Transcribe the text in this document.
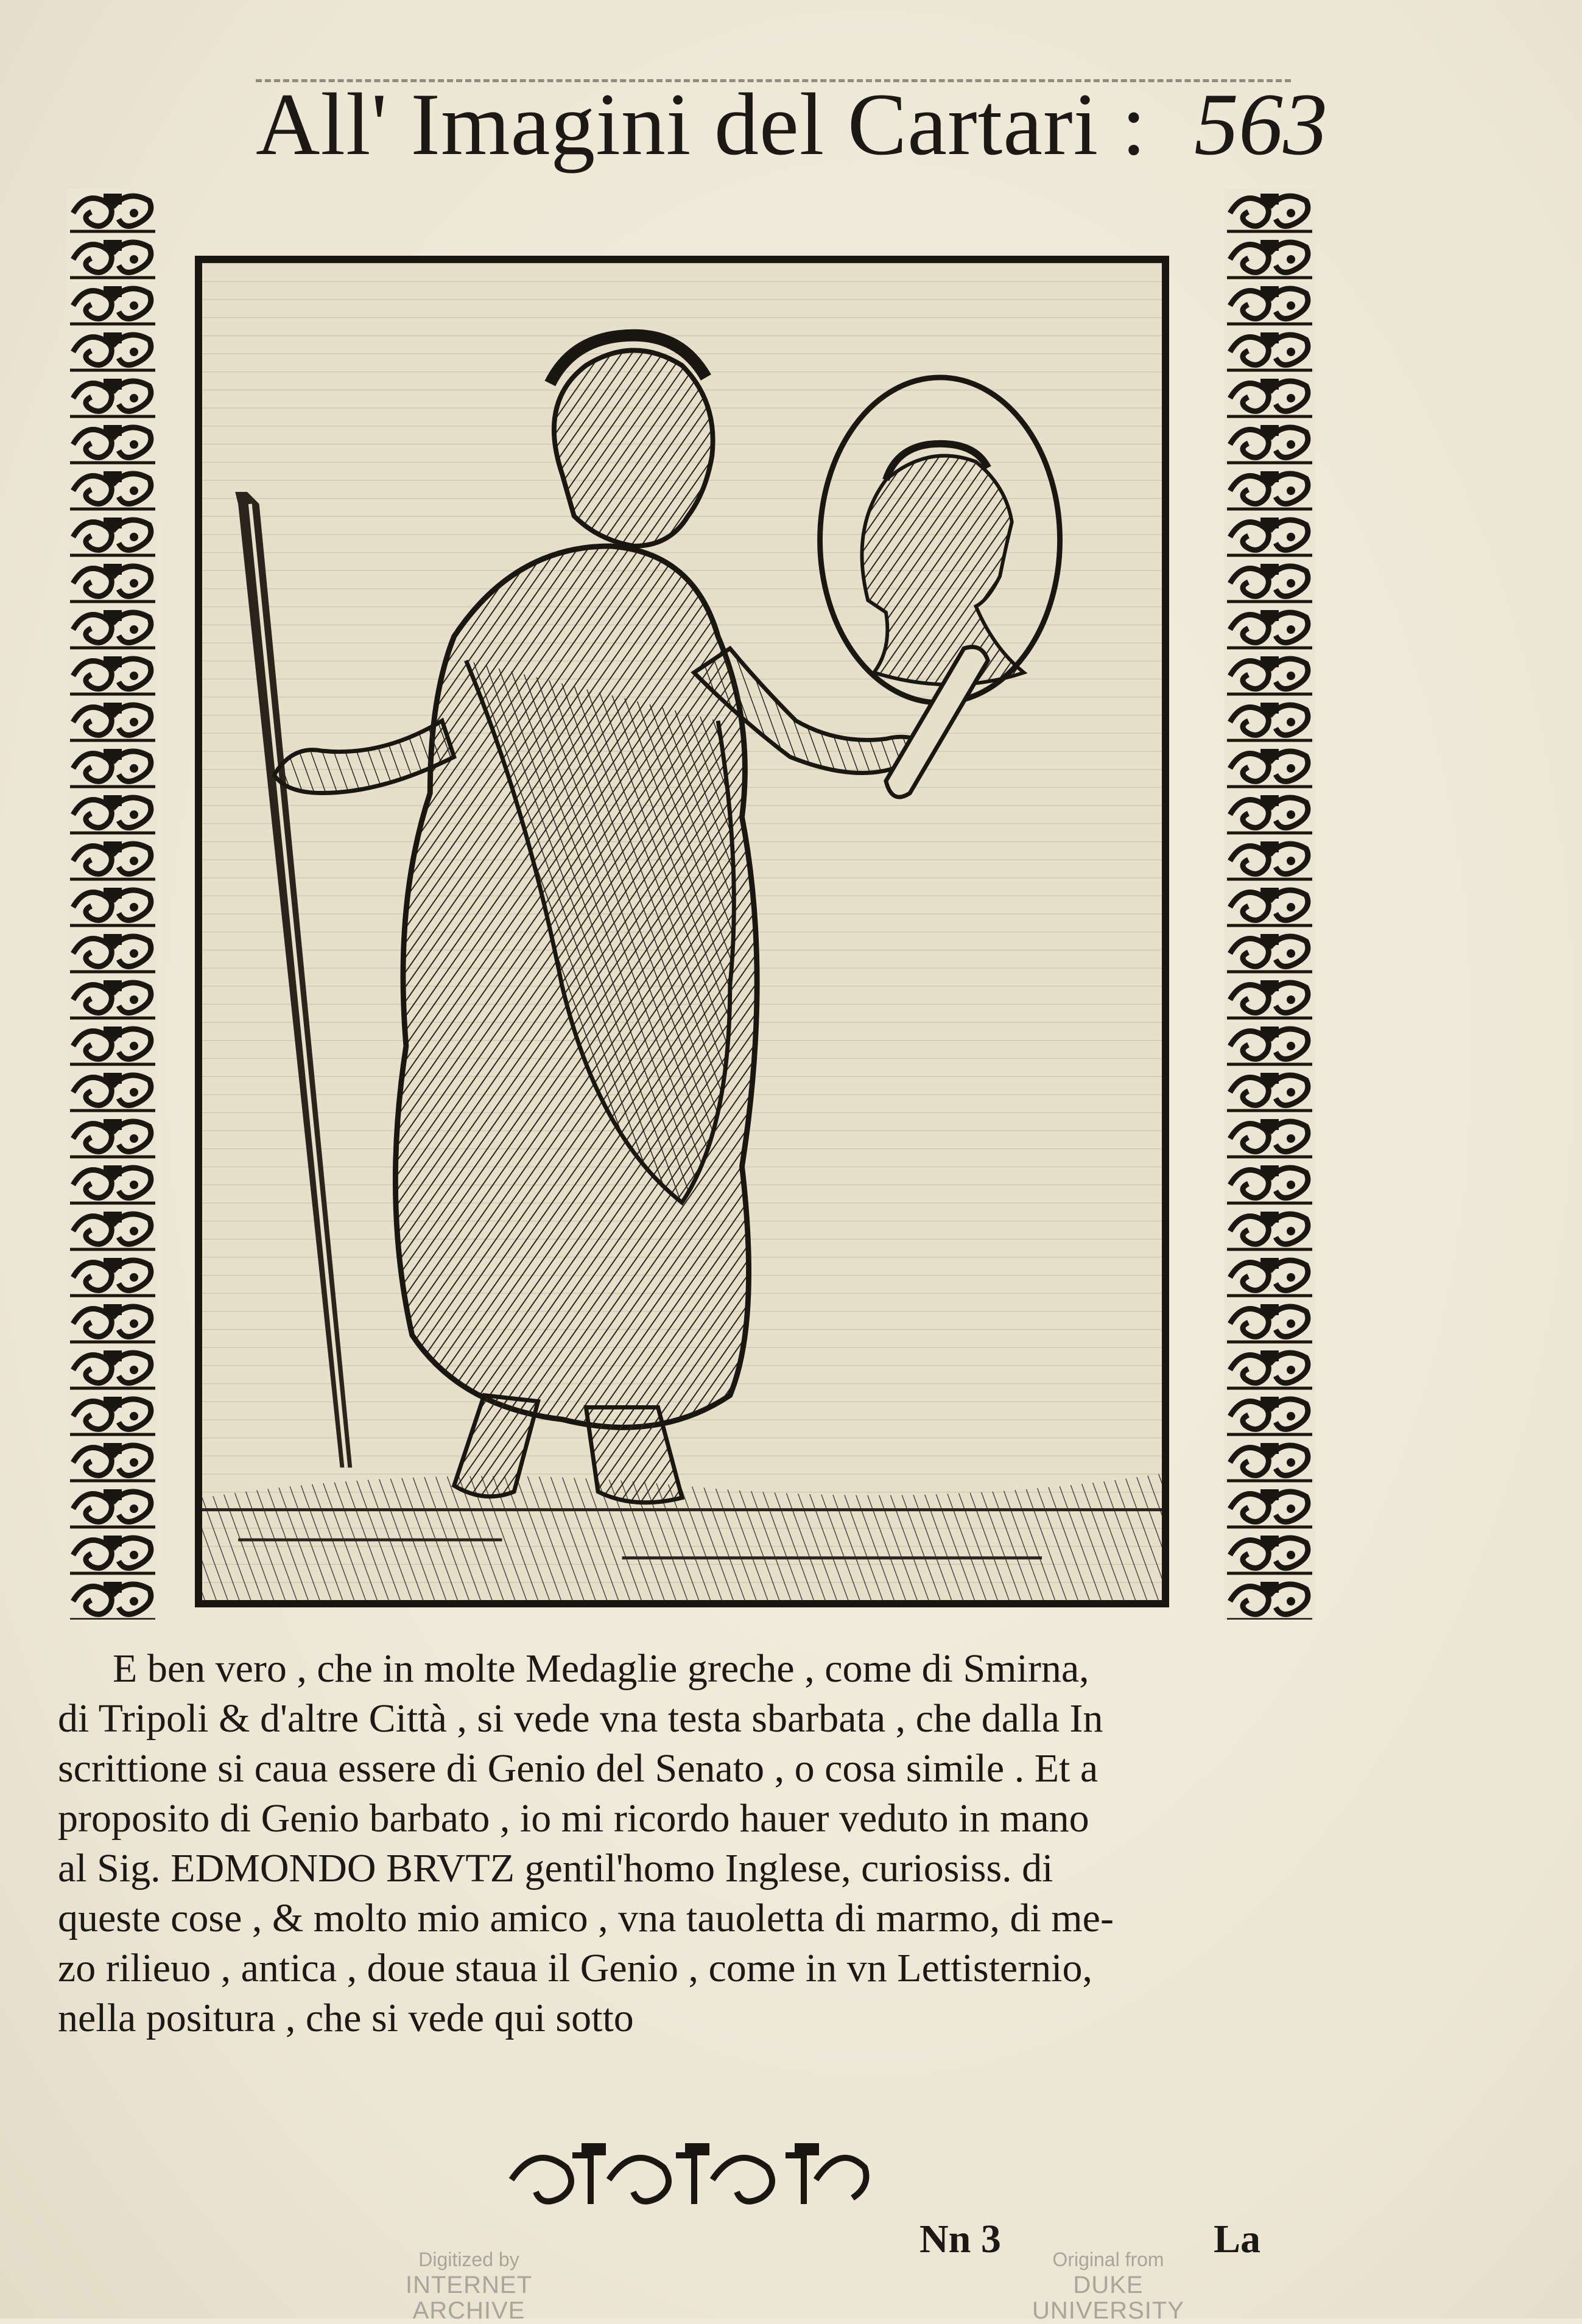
All' Imagini del Cartari : 563
E ben vero , che in molte Medaglie greche , come di Smirna,
di Tripoli & d'altre Città , si vede vna testa sbarbata , che dalla In
scrittione si caua essere di Genio del Senato , o cosa simile . Et a
proposito di Genio barbato , io mi ricordo hauer veduto in mano
al Sig. EDMONDO BRVTZ gentil'homo Inglese, curiosiss. di
queste cose , & molto mio amico , vna tauoletta di marmo, di me-
zo rilieuo , antica , doue staua il Genio , come in vn Lettisternio,
nella positura , che si vede qui sotto
Nn 3	La
Digitized by
INTERNET ARCHIVE
Original from
DUKE UNIVERSITY
